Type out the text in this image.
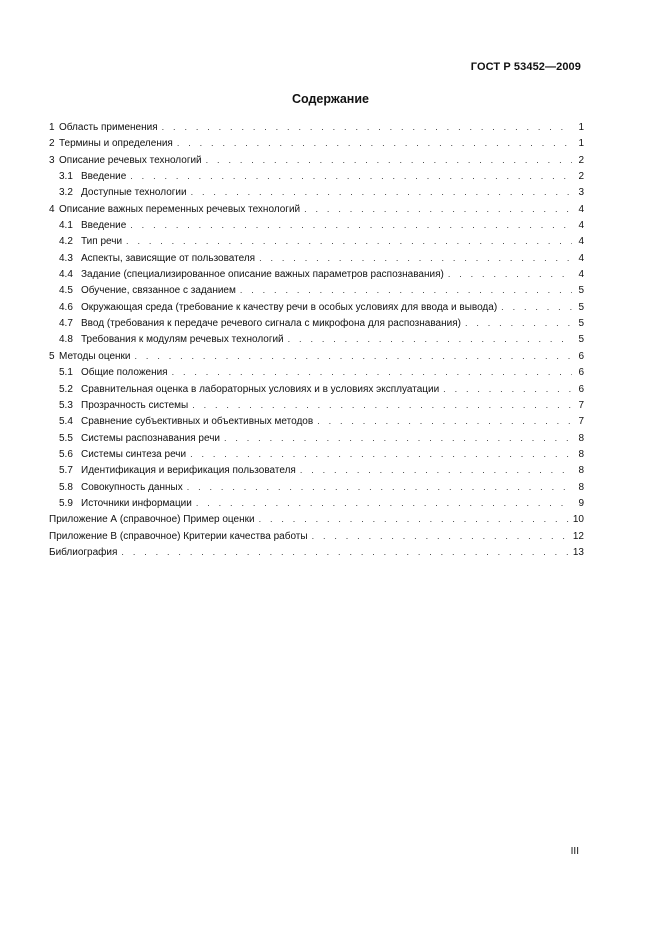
ГОСТ Р 53452—2009
Содержание
1 Область применения . . .	1
2 Термины и определения . . .	1
3 Описание речевых технологий . . .	2
3.1 Введение . . .	2
3.2 Доступные технологии . . .	3
4 Описание важных переменных речевых технологий . . .	4
4.1 Введение . . .	4
4.2 Тип речи . . .	4
4.3 Аспекты, зависящие от пользователя . . .	4
4.4 Задание (специализированное описание важных параметров распознавания) . . .	4
4.5 Обучение, связанное с заданием . . .	5
4.6 Окружающая среда (требование к качеству речи в особых условиях для ввода и вывода) . . .	5
4.7 Ввод (требования к передаче речевого сигнала с микрофона для распознавания) . . .	5
4.8 Требования к модулям речевых технологий . . .	5
5 Методы оценки . . .	6
5.1 Общие положения . . .	6
5.2 Сравнительная оценка в лабораторных условиях и в условиях эксплуатации . . .	6
5.3 Прозрачность системы . . .	7
5.4 Сравнение субъективных и объективных методов . . .	7
5.5 Системы распознавания речи . . .	8
5.6 Системы синтеза речи . . .	8
5.7 Идентификация и верификация пользователя . . .	8
5.8 Совокупность данных . . .	8
5.9 Источники информации . . .	9
Приложение А (справочное) Пример оценки . . .	10
Приложение В (справочное) Критерии качества работы . . .	12
Библиография . . .	13
III
